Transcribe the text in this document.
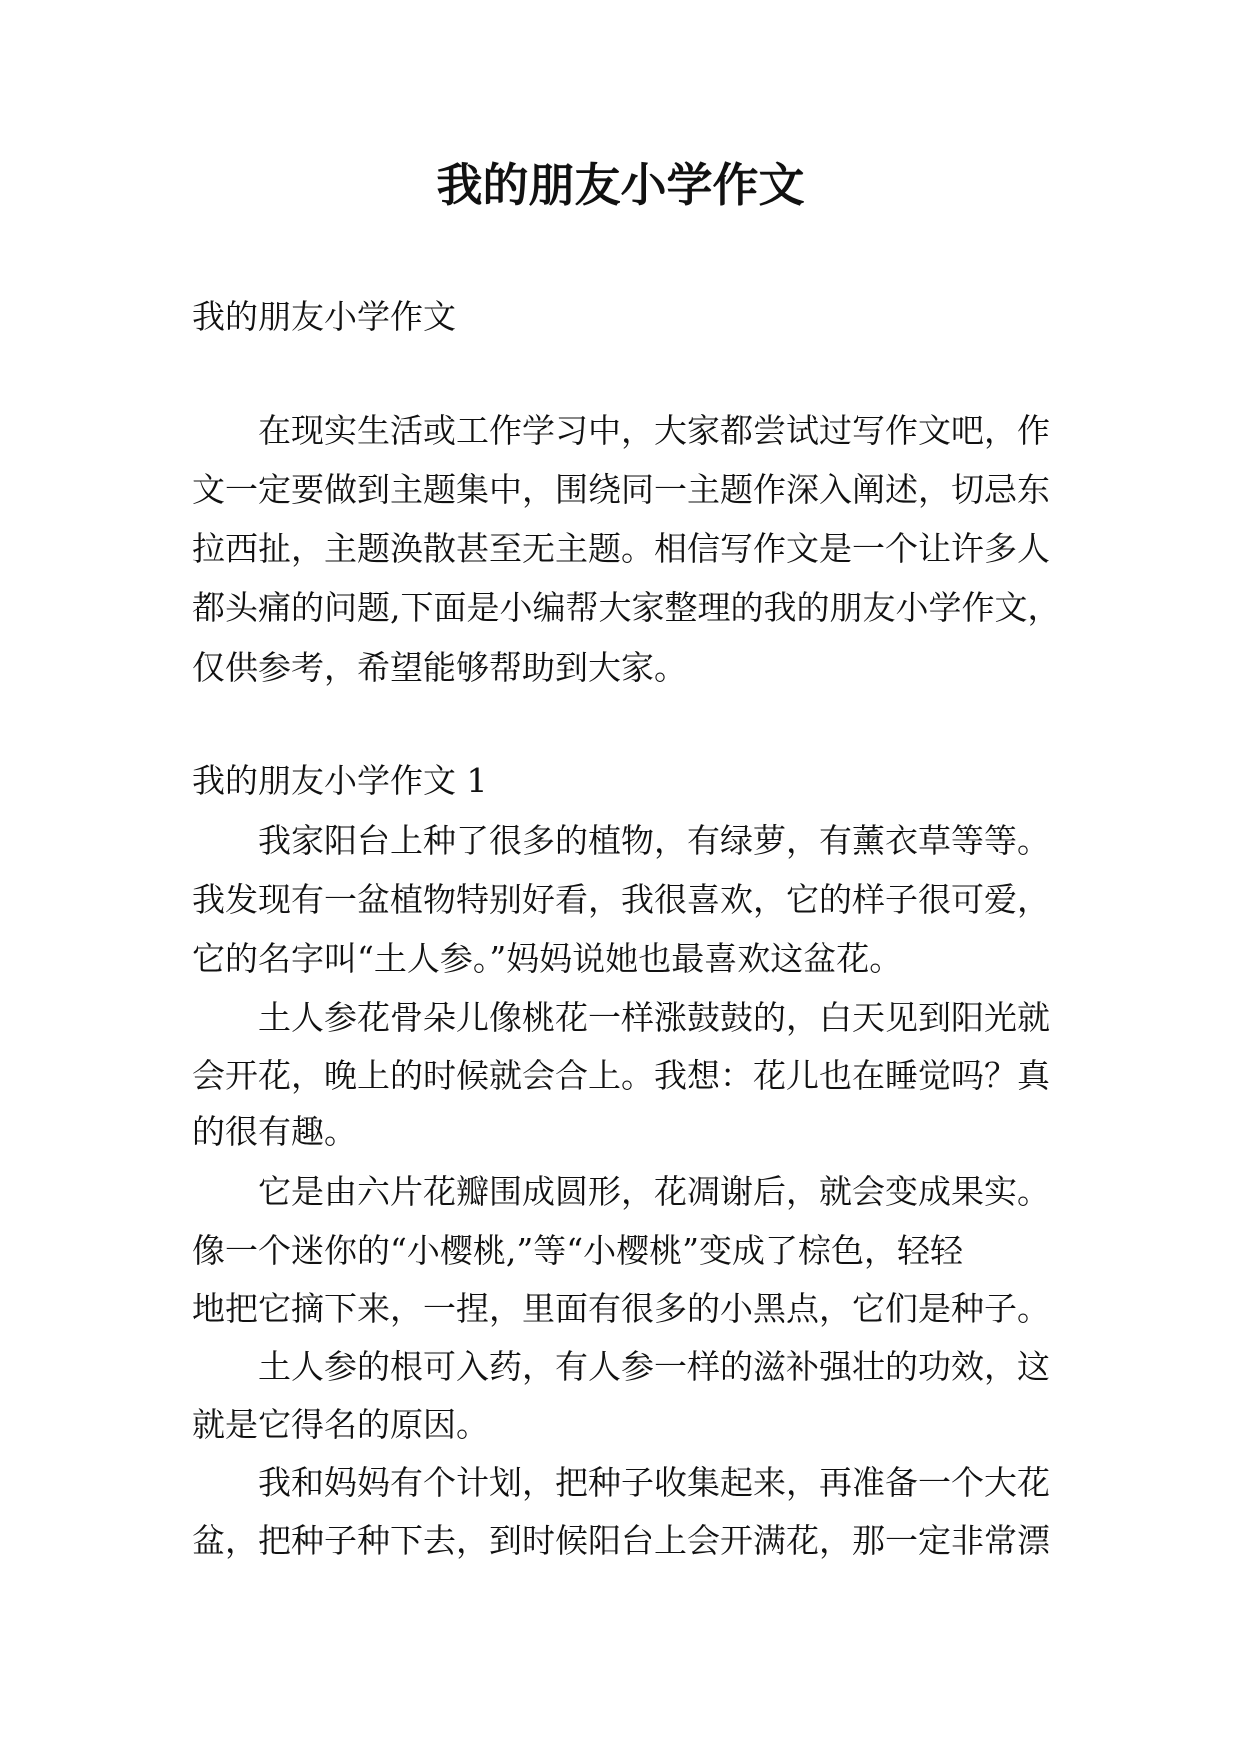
我的朋友小学作文
我的朋友小学作文
在现实生活或工作学习中，大家都尝试过写作文吧，作
文一定要做到主题集中，围绕同一主题作深入阐述，切忌东
拉西扯，主题涣散甚至无主题。相信写作文是一个让许多人
都头痛的问题,下面是小编帮大家整理的我的朋友小学作文，
仅供参考，希望能够帮助到大家。
我的朋友小学作文 1
我家阳台上种了很多的植物，有绿萝，有薰衣草等等。
我发现有一盆植物特别好看，我很喜欢，它的样子很可爱，
它的名字叫“土人参。”妈妈说她也最喜欢这盆花。
土人参花骨朵儿像桃花一样涨鼓鼓的，白天见到阳光就
会开花，晚上的时候就会合上。我想：花儿也在睡觉吗？真
的很有趣。
它是由六片花瓣围成圆形，花凋谢后，就会变成果实。
像一个迷你的“小樱桃,”等“小樱桃”变成了棕色，轻轻
地把它摘下来，一捏，里面有很多的小黑点，它们是种子。
土人参的根可入药，有人参一样的滋补强壮的功效，这
就是它得名的原因。
我和妈妈有个计划，把种子收集起来，再准备一个大花
盆，把种子种下去，到时候阳台上会开满花，那一定非常漂
